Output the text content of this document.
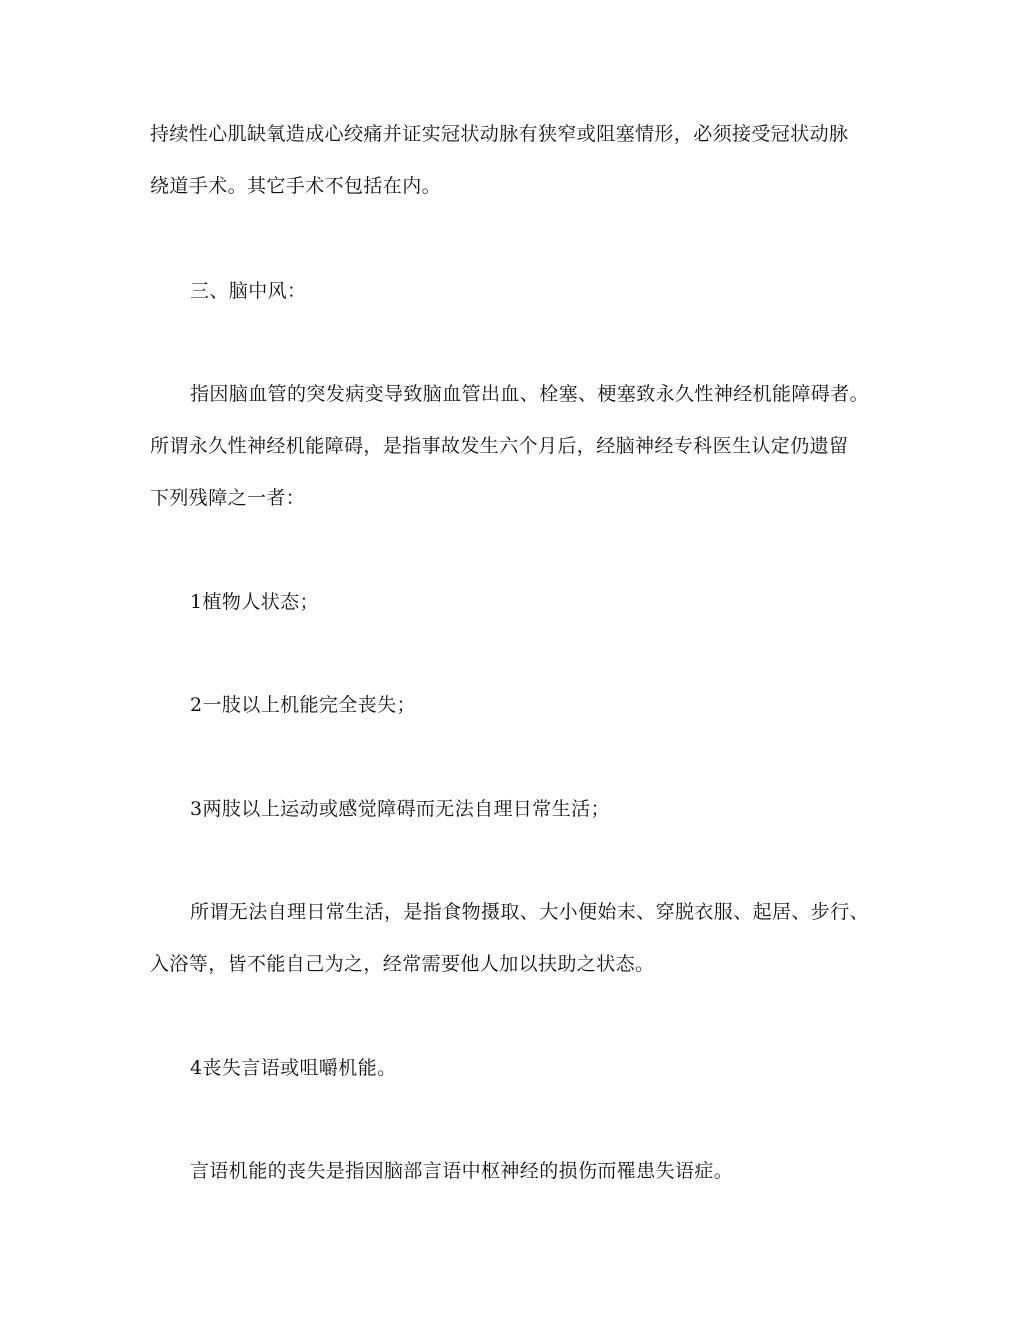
持续性心肌缺氧造成心绞痛并证实冠状动脉有狭窄或阻塞情形，必须接受冠状动脉
绕道手术。其它手术不包括在内。
三、脑中风：
指因脑血管的突发病变导致脑血管出血、栓塞、梗塞致永久性神经机能障碍者。
所谓永久性神经机能障碍，是指事故发生六个月后，经脑神经专科医生认定仍遗留
下列残障之一者：
1植物人状态；
2一肢以上机能完全丧失；
3两肢以上运动或感觉障碍而无法自理日常生活；
所谓无法自理日常生活，是指食物摄取、大小便始末、穿脱衣服、起居、步行、
入浴等，皆不能自己为之，经常需要他人加以扶助之状态。
4丧失言语或咀嚼机能。
言语机能的丧失是指因脑部言语中枢神经的损伤而罹患失语症。
